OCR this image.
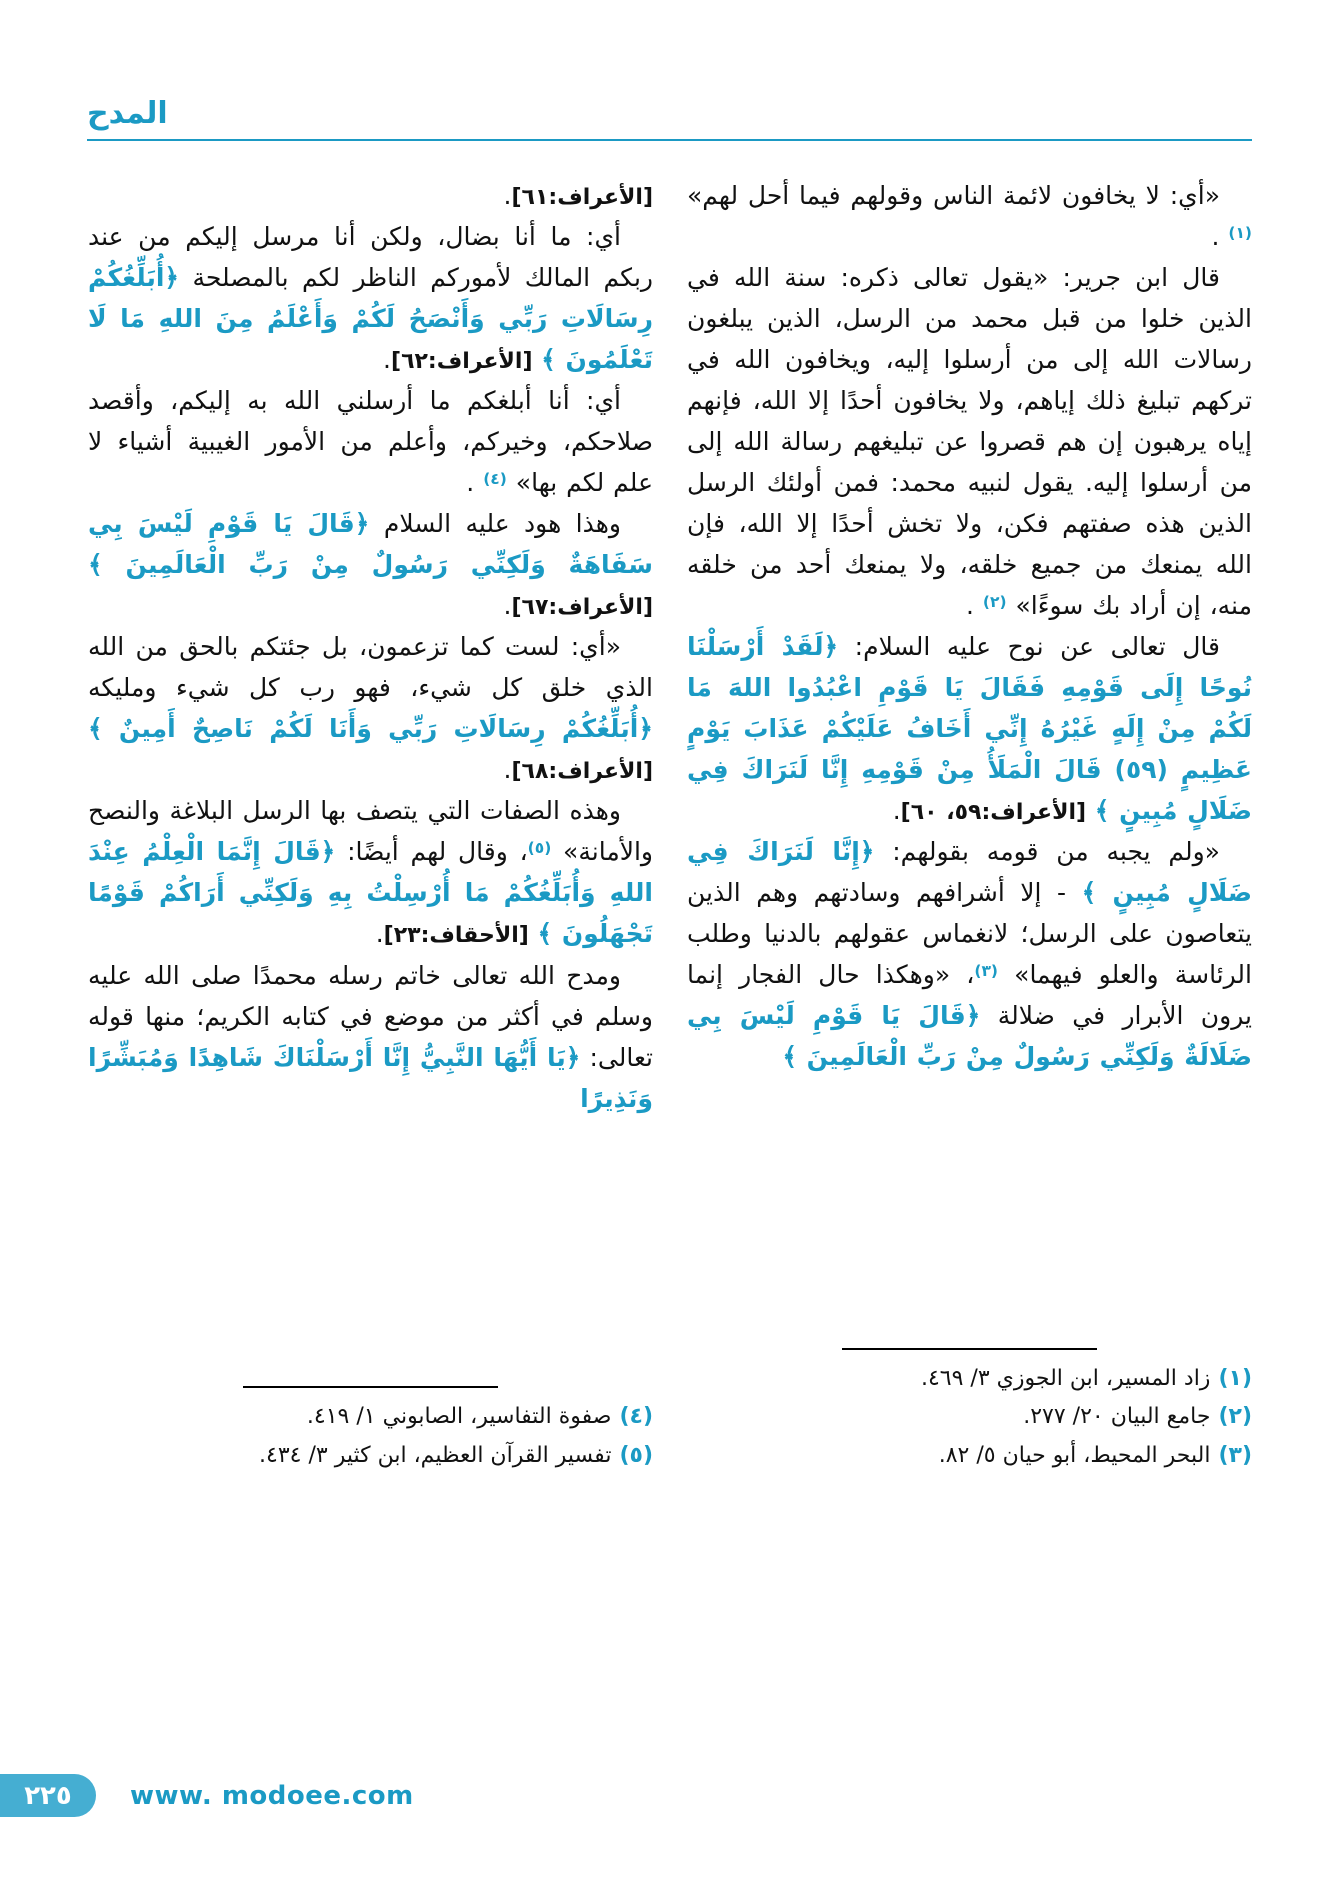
المدح

«أي: لا يخافون لائمة الناس وقولهم فيما أحل لهم» $^{(١)}$ .

قال ابن جرير: «يقول تعالى ذكره: سنة الله في الذين خلوا من قبل محمد من الرسل، الذين يبلغون رسالات الله إلى من أرسلوا إليه، ويخافون الله في تركهم تبليغ ذلك إياهم، ولا يخافون أحدًا إلا الله، فإنهم إياه يرهبون إن هم قصروا عن تبليغهم رسالة الله إلى من أرسلوا إليه. يقول لنبيه محمد: فمن أولئك الرسل الذين هذه صفتهم فكن، ولا تخش أحدًا إلا الله، فإن الله يمنعك من جميع خلقه، ولا يمنعك أحد من خلقه منه، إن أراد بك سوءًا» $^{(٢)}$ .

قال تعالى عن نوح عليه السلام: ﴿لَقَدْ أَرْسَلْنَا نُوحًا إِلَى قَوْمِهِ فَقَالَ يَا قَوْمِ اعْبُدُوا اللهَ مَا لَكُمْ مِنْ إِلَهٍ غَيْرُهُ إِنِّي أَخَافُ عَلَيْكُمْ عَذَابَ يَوْمٍ عَظِيمٍ (٥٩) قَالَ الْمَلَأُ مِنْ قَوْمِهِ إِنَّا لَنَرَاكَ فِي ضَلَالٍ مُبِينٍ ﴾ [الأعراف:٥٩، ٦٠].

«ولم يجبه من قومه بقولهم: ﴿إِنَّا لَنَرَاكَ فِي ضَلَالٍ مُبِينٍ ﴾ - إلا أشرافهم وسادتهم وهم الذين يتعاصون على الرسل؛ لانغماس عقولهم بالدنيا وطلب الرئاسة والعلو فيهما» $^{(٣)}$، «وهكذا حال الفجار إنما يرون الأبرار في ضلالة ﴿قَالَ يَا قَوْمِ لَيْسَ بِي ضَلَالَةٌ وَلَكِنِّي رَسُولٌ مِنْ رَبِّ الْعَالَمِينَ ﴾

(١)زاد المسير، ابن الجوزي ٣/ ٤٦٩.
(٢)جامع البيان ٢٠/ ٢٧٧.
(٣)البحر المحيط، أبو حيان ٥/ ٨٢.

[الأعراف:٦١].

أي: ما أنا بضال، ولكن أنا مرسل إليكم من عند ربكم المالك لأموركم الناظر لكم بالمصلحة ﴿أُبَلِّغُكُمْ رِسَالَاتِ رَبِّي وَأَنْصَحُ لَكُمْ وَأَعْلَمُ مِنَ اللهِ مَا لَا تَعْلَمُونَ ﴾ [الأعراف:٦٢].

أي: أنا أبلغكم ما أرسلني الله به إليكم، وأقصد صلاحكم، وخيركم، وأعلم من الأمور الغيبية أشياء لا علم لكم بها» $^{(٤)}$ .

وهذا هود عليه السلام ﴿قَالَ يَا قَوْمِ لَيْسَ بِي سَفَاهَةٌ وَلَكِنِّي رَسُولٌ مِنْ رَبِّ الْعَالَمِينَ ﴾ [الأعراف:٦٧].

«أي: لست كما تزعمون، بل جئتكم بالحق من الله الذي خلق كل شيء، فهو رب كل شيء ومليكه ﴿أُبَلِّغُكُمْ رِسَالَاتِ رَبِّي وَأَنَا لَكُمْ نَاصِحٌ أَمِينٌ ﴾ [الأعراف:٦٨].

وهذه الصفات التي يتصف بها الرسل البلاغة والنصح والأمانة» $^{(٥)}$، وقال لهم أيضًا: ﴿قَالَ إِنَّمَا الْعِلْمُ عِنْدَ اللهِ وَأُبَلِّغُكُمْ مَا أُرْسِلْتُ بِهِ وَلَكِنِّي أَرَاكُمْ قَوْمًا تَجْهَلُونَ ﴾ [الأحقاف:٢٣].

ومدح الله تعالى خاتم رسله محمدًا صلى الله عليه وسلم في أكثر من موضع في كتابه الكريم؛ منها قوله تعالى: ﴿يَا أَيُّهَا النَّبِيُّ إِنَّا أَرْسَلْنَاكَ شَاهِدًا وَمُبَشِّرًا وَنَذِيرًا

(٤)صفوة التفاسير، الصابوني ١/ ٤١٩.
(٥)تفسير القرآن العظيم، ابن كثير ٣/ ٤٣٤.
٢٢٥	www. modoee.com
